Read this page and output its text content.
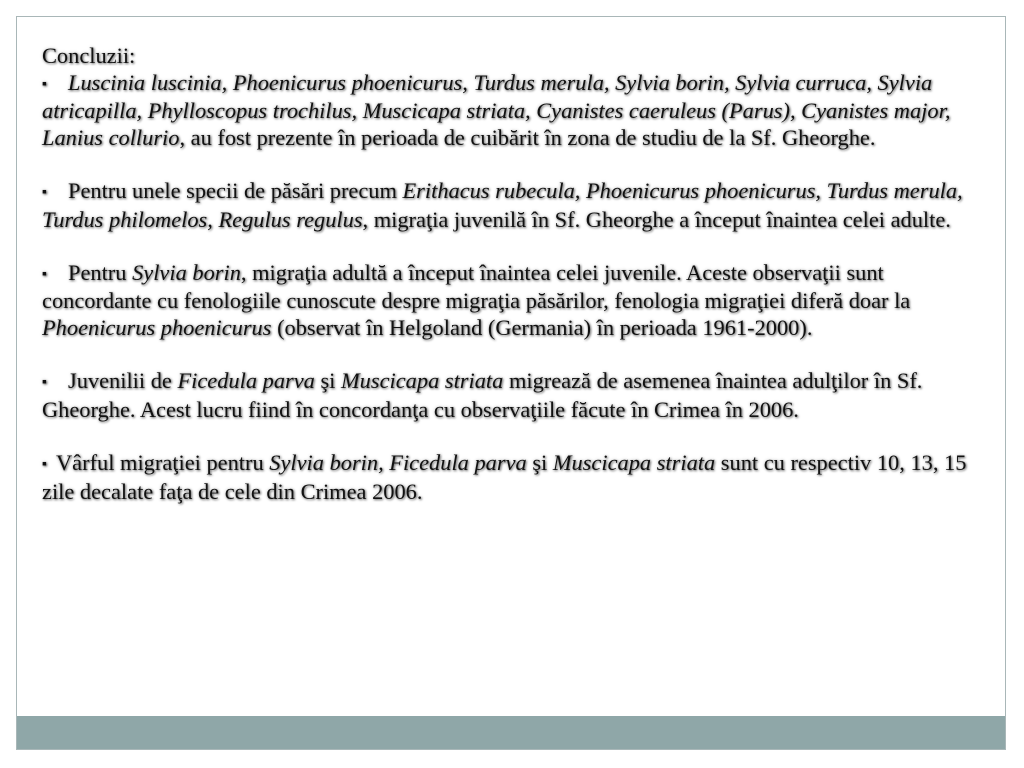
Concluzii:

▪ Luscinia luscinia, Phoenicurus phoenicurus, Turdus merula, Sylvia borin, Sylvia curruca, Sylvia atricapilla, Phylloscopus trochilus, Muscicapa striata, Cyanistes caeruleus (Parus), Cyanistes major, Lanius collurio, au fost prezente în perioada de cuibărit în zona de studiu de la Sf. Gheorghe.

▪ Pentru unele specii de păsări precum Erithacus rubecula, Phoenicurus phoenicurus, Turdus merula, Turdus philomelos, Regulus regulus, migraţia juvenilă în Sf. Gheorghe a început înaintea celei adulte.

▪ Pentru Sylvia borin, migraţia adultă a început înaintea celei juvenile. Aceste observaţii sunt concordante cu fenologiile cunoscute despre migraţia păsărilor, fenologia migraţiei diferă doar la Phoenicurus phoenicurus (observat în Helgoland (Germania) în perioada 1961-2000).

▪ Juvenilii de Ficedula parva şi Muscicapa striata migrează de asemenea înaintea adulţilor în Sf. Gheorghe. Acest lucru fiind în concordanţa cu observaţiile făcute în Crimea în 2006.

▪ Vârful migraţiei pentru Sylvia borin, Ficedula parva şi Muscicapa striata sunt cu respectiv 10, 13, 15 zile decalate faţa de cele din Crimea 2006.
